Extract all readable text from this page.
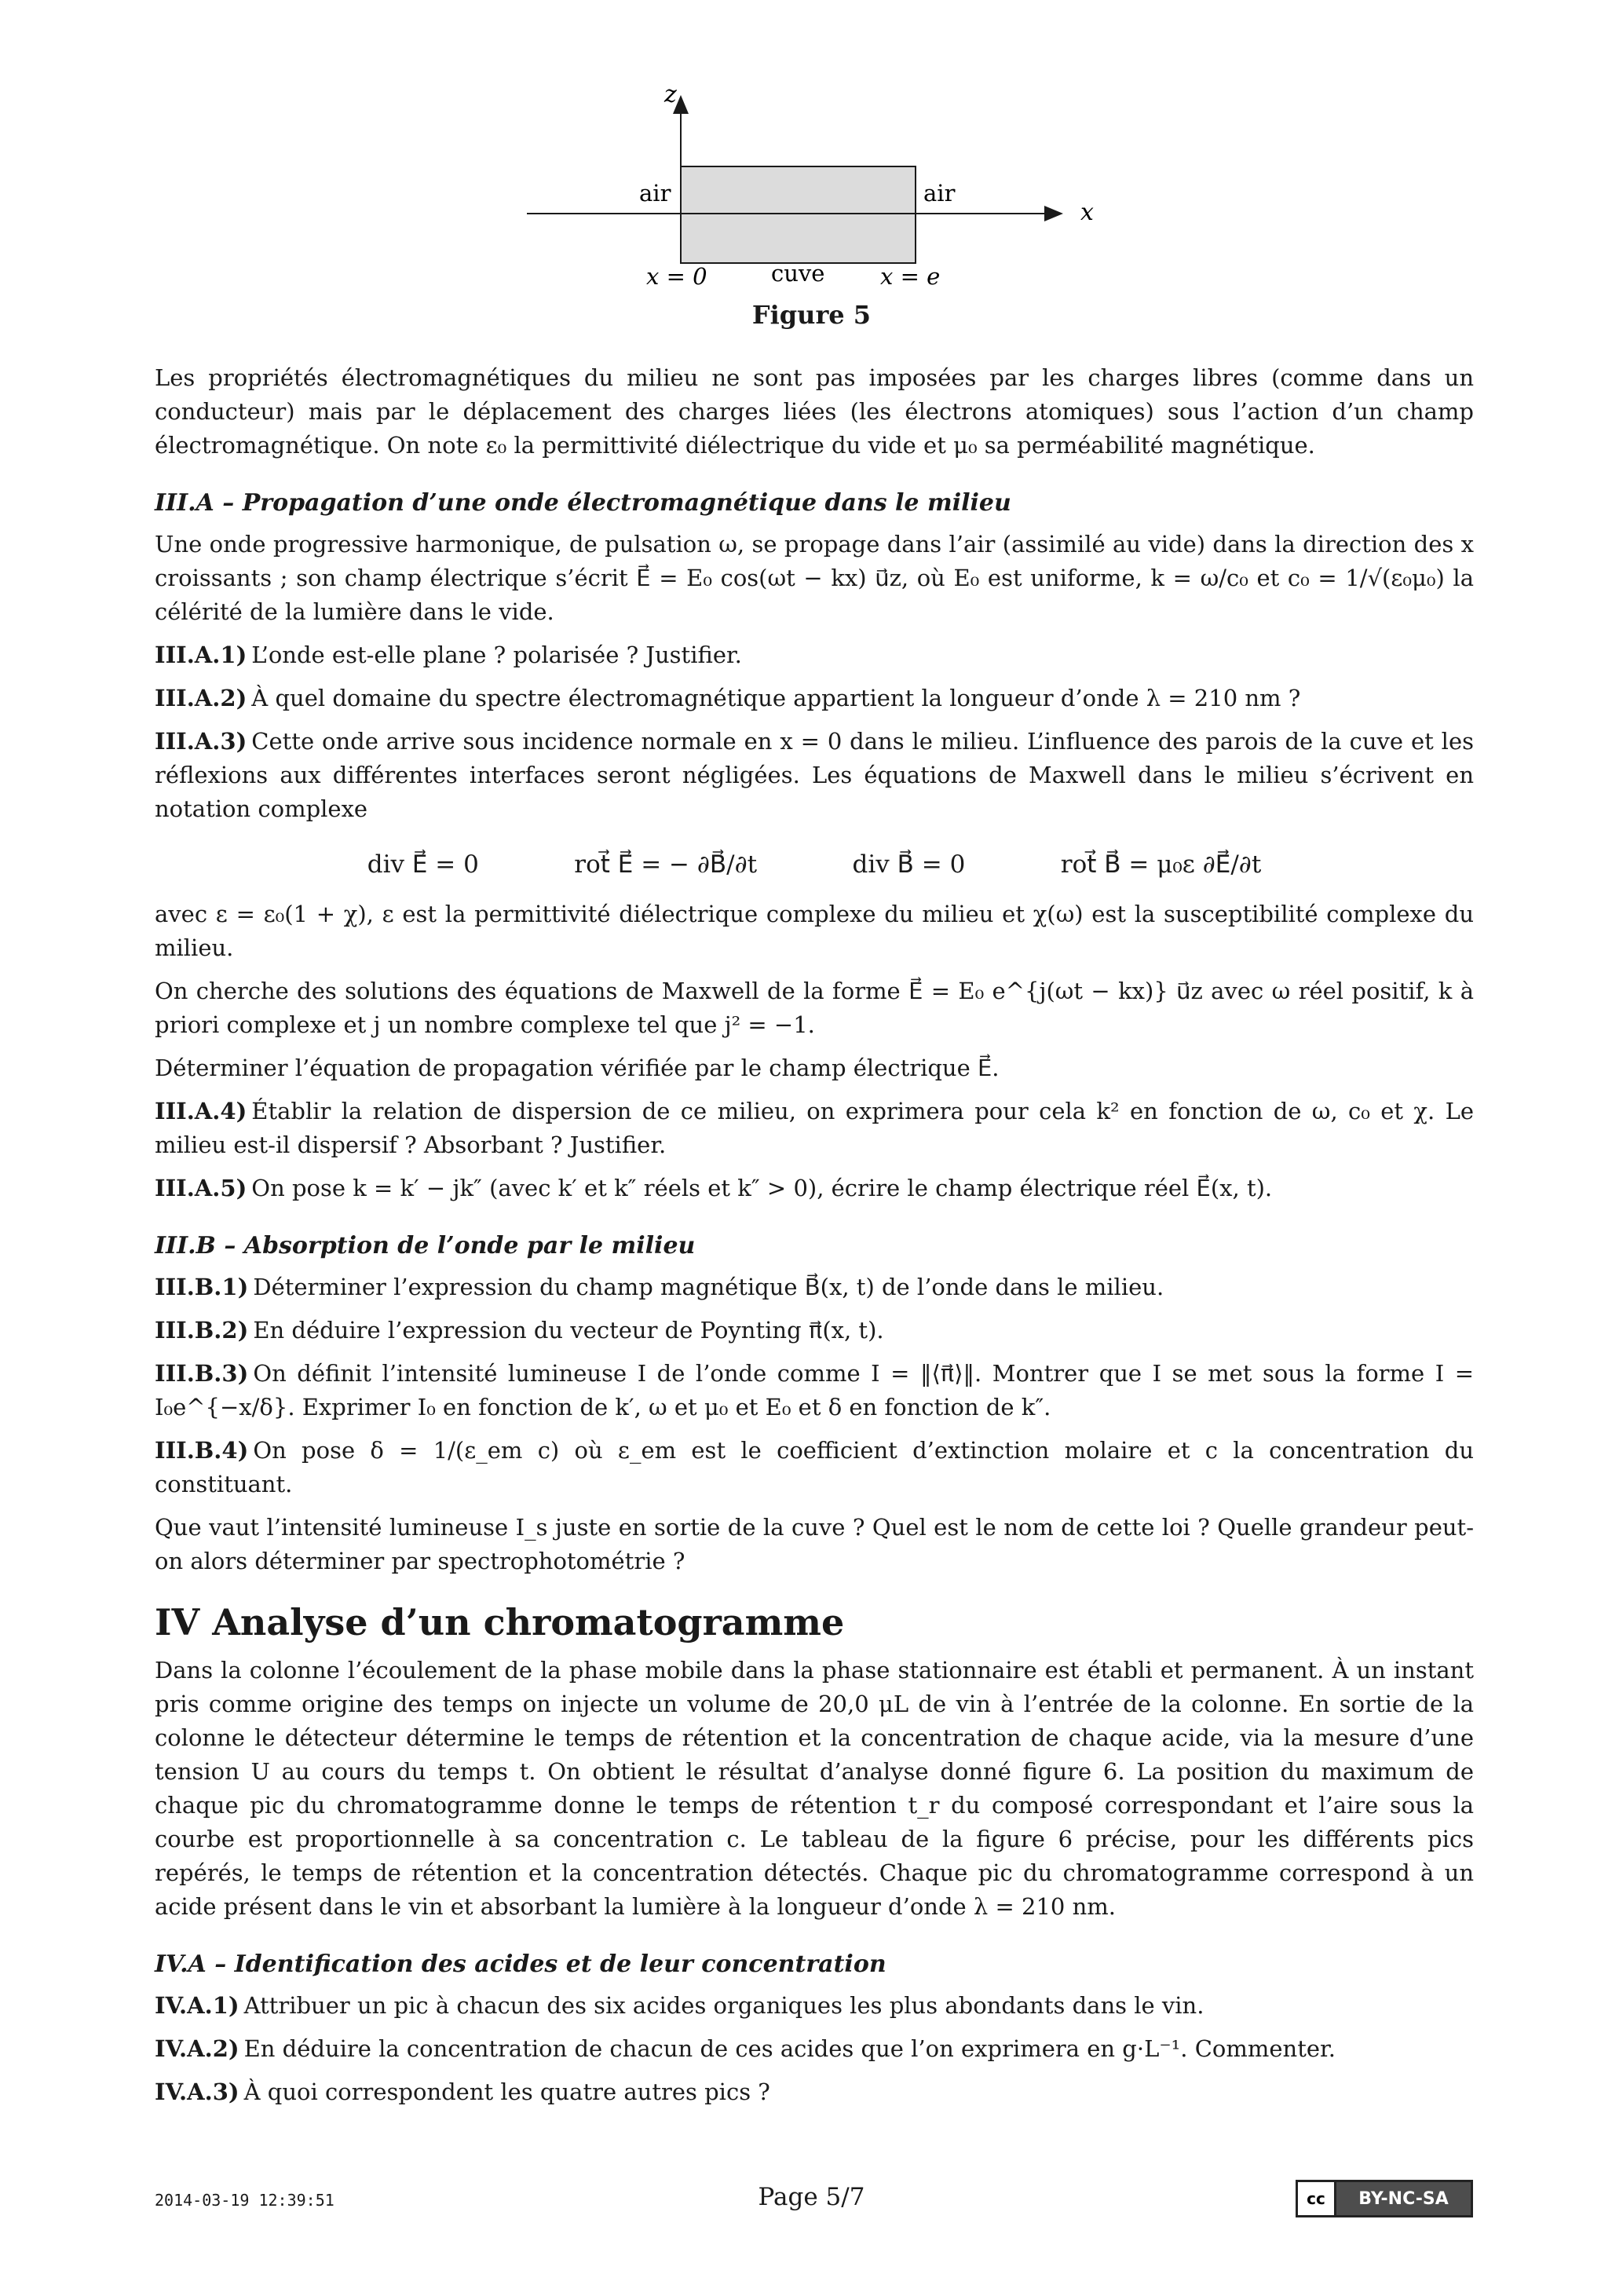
z
x
air	air
x = 0	cuve x = e
Figure 5

Les propriétés électromagnétiques du milieu ne sont pas imposées par les charges libres (comme dans un conducteur) mais par le déplacement des charges liées (les électrons atomiques) sous l’action d’un champ électromagnétique. On note ε₀ la permittivité diélectrique du vide et μ₀ sa perméabilité magnétique.

III.A – Propagation d’une onde électromagnétique dans le milieu

Une onde progressive harmonique, de pulsation ω, se propage dans l’air (assimilé au vide) dans la direction des x croissants ; son champ électrique s’écrit E⃗ = E₀ cos(ωt − kx) u⃗z, où E₀ est uniforme, k = ω/c₀ et c₀ = 1/√(ε₀μ₀) la célérité de la lumière dans le vide.

III.A.1) L’onde est-elle plane ? polarisée ? Justifier.
III.A.2) À quel domaine du spectre électromagnétique appartient la longueur d’onde λ = 210 nm ?
III.A.3) Cette onde arrive sous incidence normale en x = 0 dans le milieu. L’influence des parois de la cuve et les réflexions aux différentes interfaces seront négligées. Les équations de Maxwell dans le milieu s’écrivent en notation complexe
div E⃗ = 0	rot⃗ E⃗ = − ∂B⃗/∂t	div B⃗ = 0	rot⃗ B⃗ = μ₀ε ∂E⃗/∂t

avec ε = ε₀(1 + χ), ε est la permittivité diélectrique complexe du milieu et χ(ω) est la susceptibilité complexe du milieu.

On cherche des solutions des équations de Maxwell de la forme E⃗ = E₀ e^{j(ωt − kx)} u⃗z avec ω réel positif, k à priori complexe et j un nombre complexe tel que j² = −1.

Déterminer l’équation de propagation vérifiée par le champ électrique E⃗.

III.A.4) Établir la relation de dispersion de ce milieu, on exprimera pour cela k² en fonction de ω, c₀ et χ. Le milieu est-il dispersif ? Absorbant ? Justifier.
III.A.5) On pose k = k′ − jk″ (avec k′ et k″ réels et k″ > 0), écrire le champ électrique réel E⃗(x, t).
III.B – Absorption de l’onde par le milieu
III.B.1) Déterminer l’expression du champ magnétique B⃗(x, t) de l’onde dans le milieu.
III.B.2) En déduire l’expression du vecteur de Poynting π⃗(x, t).
III.B.3) On définit l’intensité lumineuse I de l’onde comme I = ‖⟨π⃗⟩‖. Montrer que I se met sous la forme I = I₀e^{−x/δ}. Exprimer I₀ en fonction de k′, ω et μ₀ et E₀ et δ en fonction de k″.
III.B.4) On pose δ = 1/(ε_em c) où ε_em est le coefficient d’extinction molaire et c la concentration du constituant.

Que vaut l’intensité lumineuse I_s juste en sortie de la cuve ? Quel est le nom de cette loi ? Quelle grandeur peut-on alors déterminer par spectrophotométrie ?

IV Analyse d’un chromatogramme

Dans la colonne l’écoulement de la phase mobile dans la phase stationnaire est établi et permanent. À un instant pris comme origine des temps on injecte un volume de 20,0 μL de vin à l’entrée de la colonne. En sortie de la colonne le détecteur détermine le temps de rétention et la concentration de chaque acide, via la mesure d’une tension U au cours du temps t. On obtient le résultat d’analyse donné figure 6. La position du maximum de chaque pic du chromatogramme donne le temps de rétention t_r du composé correspondant et l’aire sous la courbe est proportionnelle à sa concentration c. Le tableau de la figure 6 précise, pour les différents pics repérés, le temps de rétention et la concentration détectés. Chaque pic du chromatogramme correspond à un acide présent dans le vin et absorbant la lumière à la longueur d’onde λ = 210 nm.

IV.A – Identification des acides et de leur concentration
IV.A.1) Attribuer un pic à chacun des six acides organiques les plus abondants dans le vin.
IV.A.2) En déduire la concentration de chacun de ces acides que l’on exprimera en g·L⁻¹. Commenter.
IV.A.3) À quoi correspondent les quatre autres pics ?
2014-03-19 12:39:51	Page 5/7	cc	BY-NC-SA
